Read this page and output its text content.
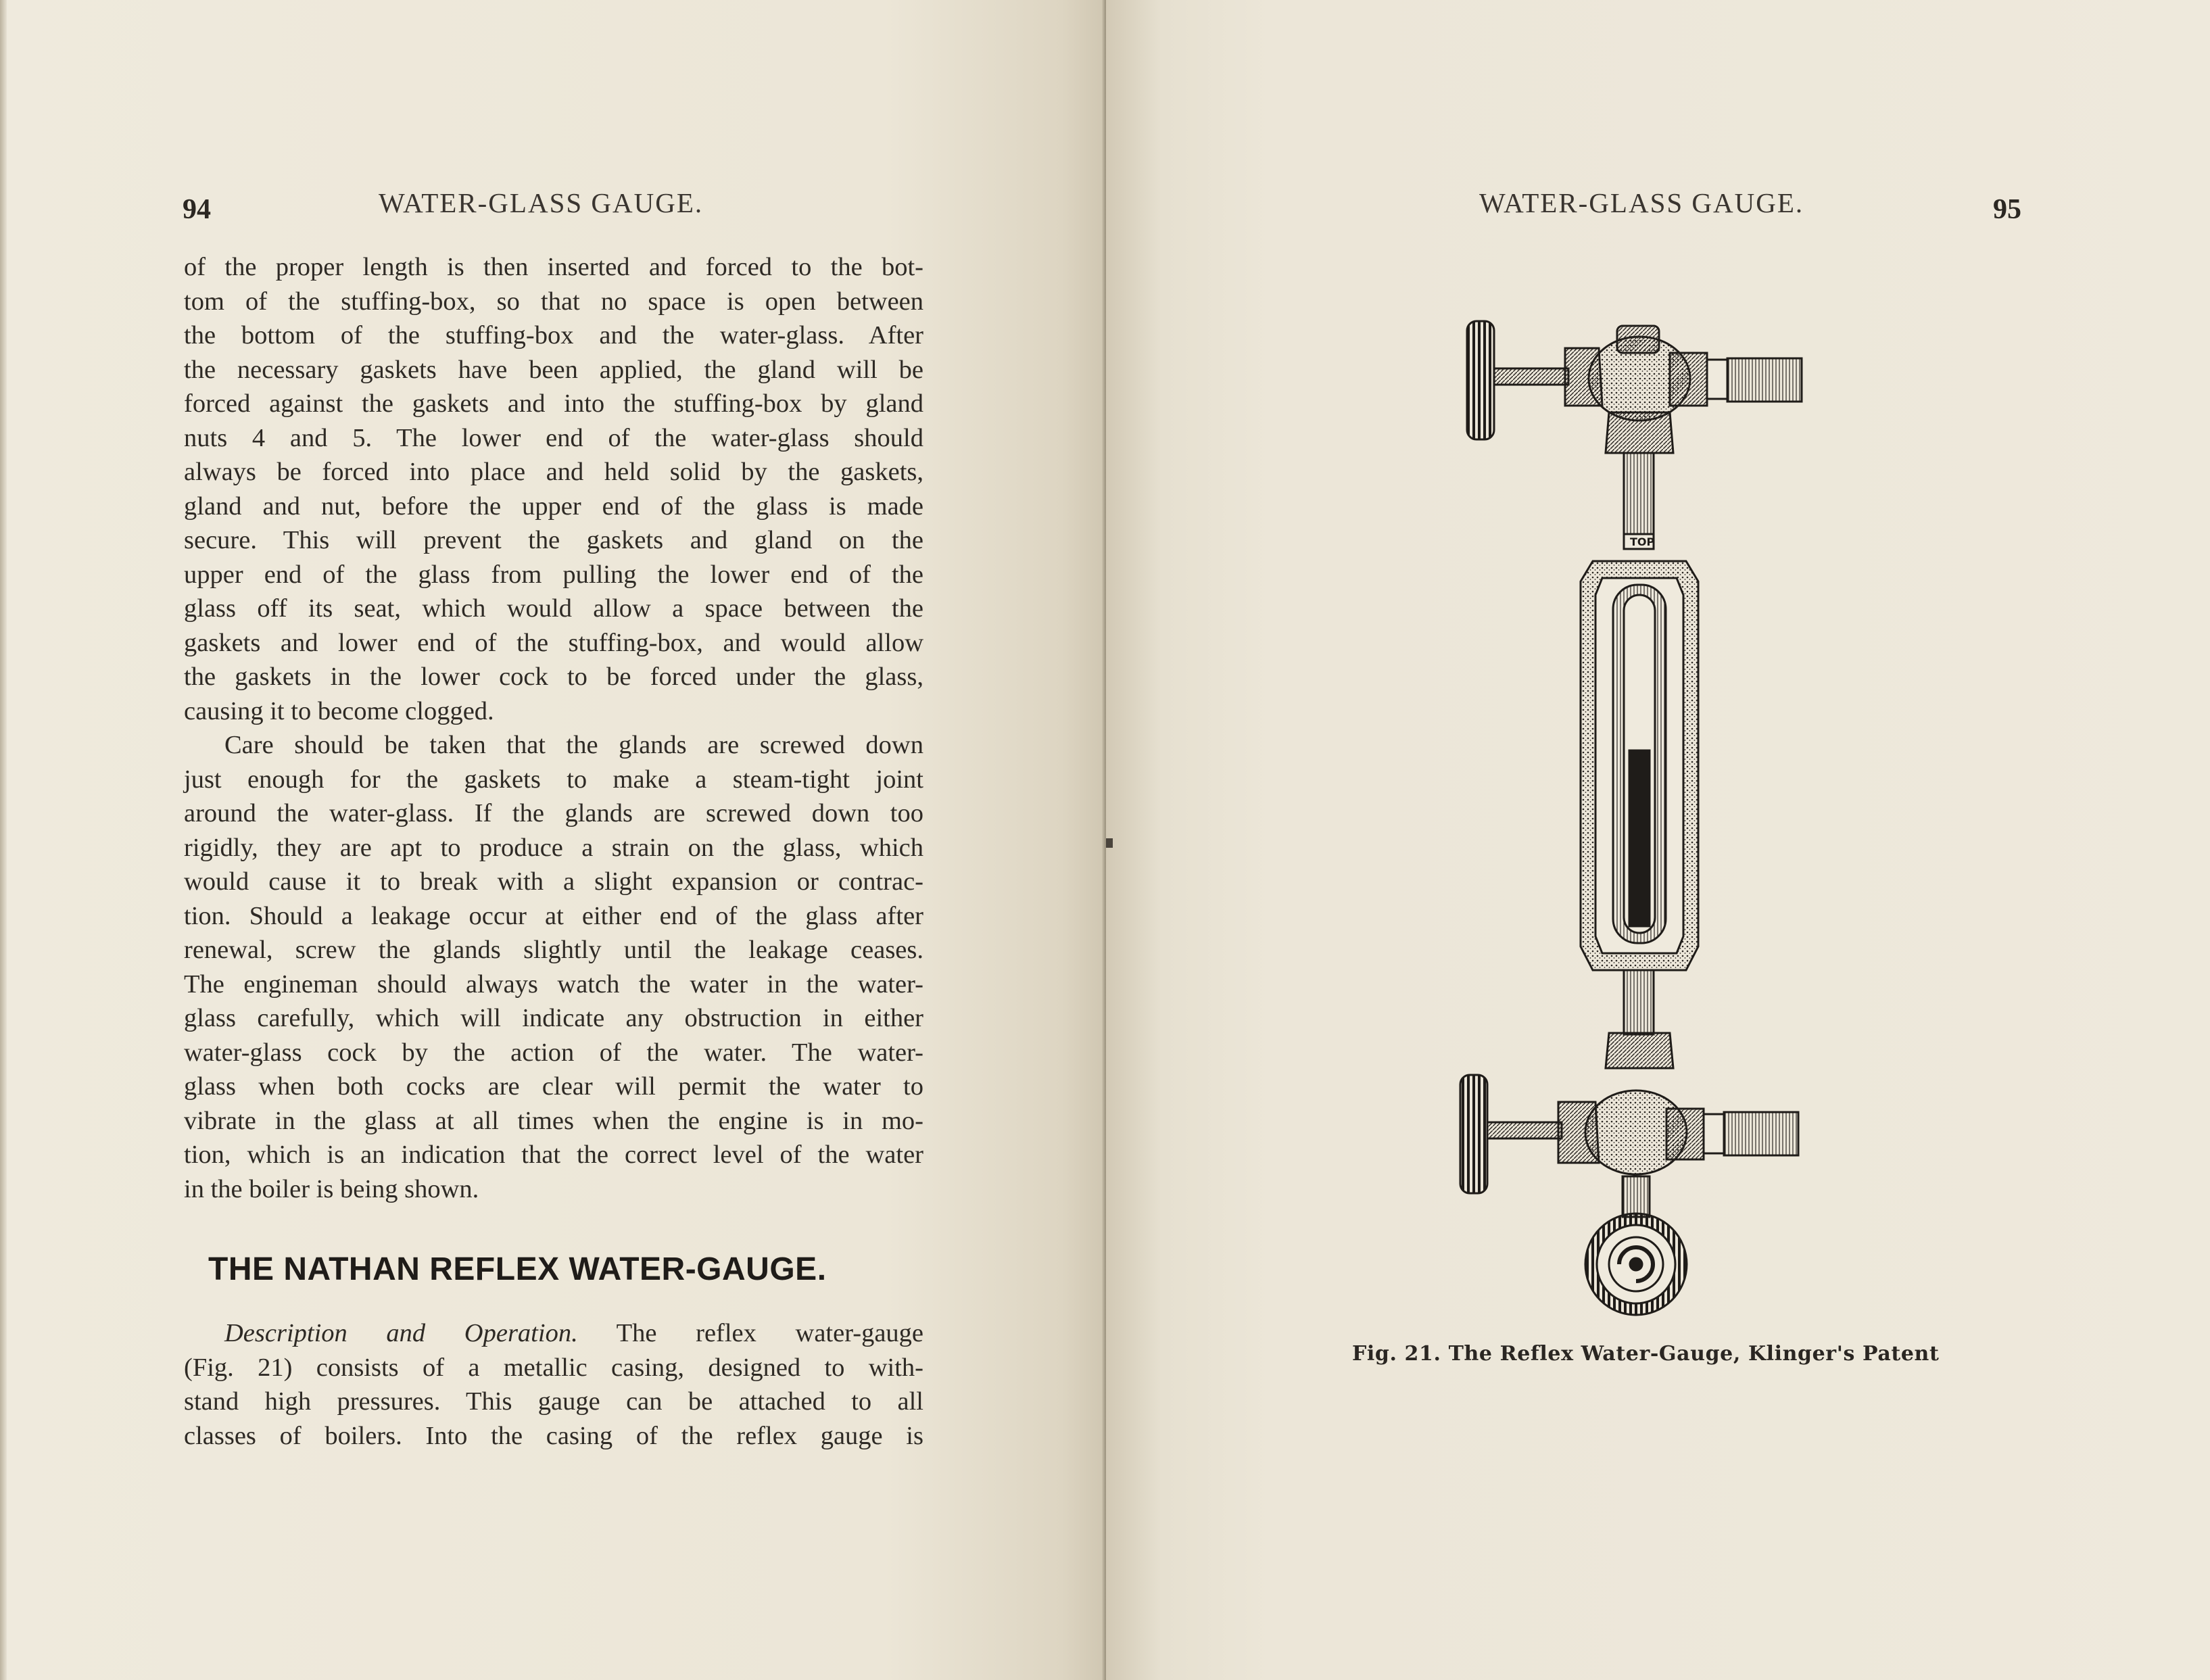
94	WATER-GLASS GAUGE.
of the proper length is then inserted and forced to the bot-
tom of the stuffing-box, so that no space is open between
the bottom of the stuffing-box and the water-glass. After
the necessary gaskets have been applied, the gland will be
forced against the gaskets and into the stuffing-box by gland
nuts 4 and 5. The lower end of the water-glass should
always be forced into place and held solid by the gaskets,
gland and nut, before the upper end of the glass is made
secure. This will prevent the gaskets and gland on the
upper end of the glass from pulling the lower end of the
glass off its seat, which would allow a space between the
gaskets and lower end of the stuffing-box, and would allow
the gaskets in the lower cock to be forced under the glass,
causing it to become clogged.
Care should be taken that the glands are screwed down
just enough for the gaskets to make a steam-tight joint
around the water-glass. If the glands are screwed down too
rigidly, they are apt to produce a strain on the glass, which
would cause it to break with a slight expansion or contrac-
tion. Should a leakage occur at either end of the glass after
renewal, screw the glands slightly until the leakage ceases.
The engineman should always watch the water in the water-
glass carefully, which will indicate any obstruction in either
water-glass cock by the action of the water. The water-
glass when both cocks are clear will permit the water to
vibrate in the glass at all times when the engine is in mo-
tion, which is an indication that the correct level of the water
in the boiler is being shown.
THE NATHAN REFLEX WATER-GAUGE.
Description and Operation. The reflex water-gauge
(Fig. 21) consists of a metallic casing, designed to with-
stand high pressures. This gauge can be attached to all
classes of boilers. Into the casing of the reflex gauge is
WATER-GLASS GAUGE.	95
TOP
Fig. 21. The Reflex Water-Gauge, Klinger's Patent
